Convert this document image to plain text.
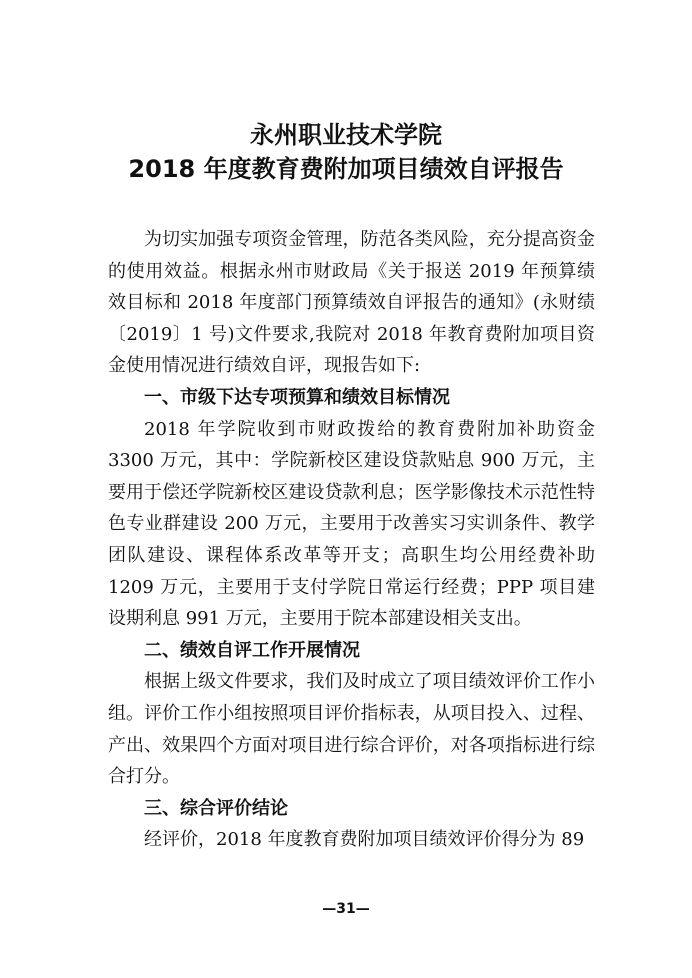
永州职业技术学院
2018 年度教育费附加项目绩效自评报告

为切实加强专项资金管理，防范各类风险，充分提高资金的使用效益。根据永州市财政局《关于报送 2019 年预算绩效目标和 2018 年度部门预算绩效自评报告的通知》(永财绩〔2019〕1 号)文件要求,我院对 2018 年教育费附加项目资金使用情况进行绩效自评，现报告如下:

一、市级下达专项预算和绩效目标情况

2018 年学院收到市财政拨给的教育费附加补助资金 3300 万元，其中：学院新校区建设贷款贴息 900 万元，主要用于偿还学院新校区建设贷款利息；医学影像技术示范性特色专业群建设 200 万元，主要用于改善实习实训条件、教学团队建设、课程体系改革等开支；高职生均公用经费补助 1209 万元，主要用于支付学院日常运行经费；PPP 项目建设期利息 991 万元，主要用于院本部建设相关支出。

二、绩效自评工作开展情况

根据上级文件要求，我们及时成立了项目绩效评价工作小组。评价工作小组按照项目评价指标表，从项目投入、过程、产出、效果四个方面对项目进行综合评价，对各项指标进行综合打分。

三、综合评价结论

经评价，2018 年度教育费附加项目绩效评价得分为 89

—31—
